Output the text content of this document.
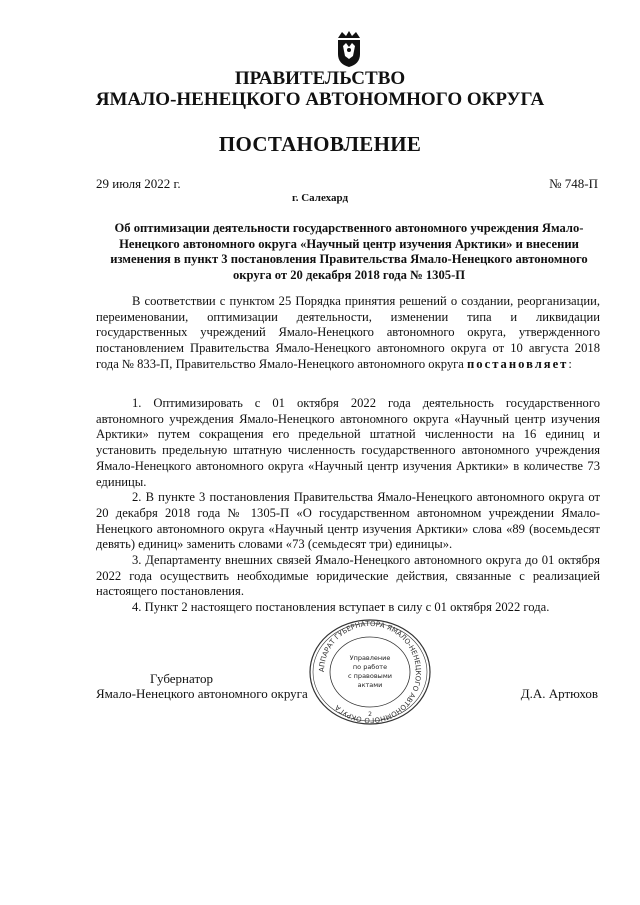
ПРАВИТЕЛЬСТВО
ЯМАЛО-НЕНЕЦКОГО АВТОНОМНОГО ОКРУГА
ПОСТАНОВЛЕНИЕ
29 июля 2022 г.	№ 748-П
г. Салехард
Об оптимизации деятельности государственного автономного учреждения Ямало-Ненецкого автономного округа «Научный центр изучения Арктики» и внесении изменения в пункт 3 постановления Правительства Ямало-Ненецкого автономного округа от 20 декабря 2018 года № 1305-П

В соответствии с пунктом 25 Порядка принятия решений о создании, реорганизации, переименовании, оптимизации деятельности, изменении типа и ликвидации государственных учреждений Ямало-Ненецкого автономного округа, утвержденного постановлением Правительства Ямало-Ненецкого автономного округа от 10 августа 2018 года № 833-П, Правительство Ямало-Ненецкого автономного округа постановляет:

1. Оптимизировать с 01 октября 2022 года деятельность государственного автономного учреждения Ямало-Ненецкого автономного округа «Научный центр изучения Арктики» путем сокращения его предельной штатной численности на 16 единиц и установить предельную штатную численность государственного автономного учреждения Ямало-Ненецкого автономного округа «Научный центр изучения Арктики» в количестве 73 единицы.

2. В пункте 3 постановления Правительства Ямало-Ненецкого автономного округа от 20 декабря 2018 года № 1305-П «О государственном автономном учреждении Ямало-Ненецкого автономного округа «Научный центр изучения Арктики» слова «89 (восемьдесят девять) единиц» заменить словами «73 (семьдесят три) единицы».

3. Департаменту внешних связей Ямало-Ненецкого автономного округа до 01 октября 2022 года осуществить необходимые юридические действия, связанные с реализацией настоящего постановления.

4. Пункт 2 настоящего постановления вступает в силу с 01 октября 2022 года.

АППАРАТ ГУБЕРНАТОРА ЯМАЛО-НЕНЕЦКОГО АВТОНОМНОГО ОКРУГА
Управление
по работе
с правовыми
актами
2
Губернатор
Ямало-Ненецкого автономного округа	Д.А. Артюхов
